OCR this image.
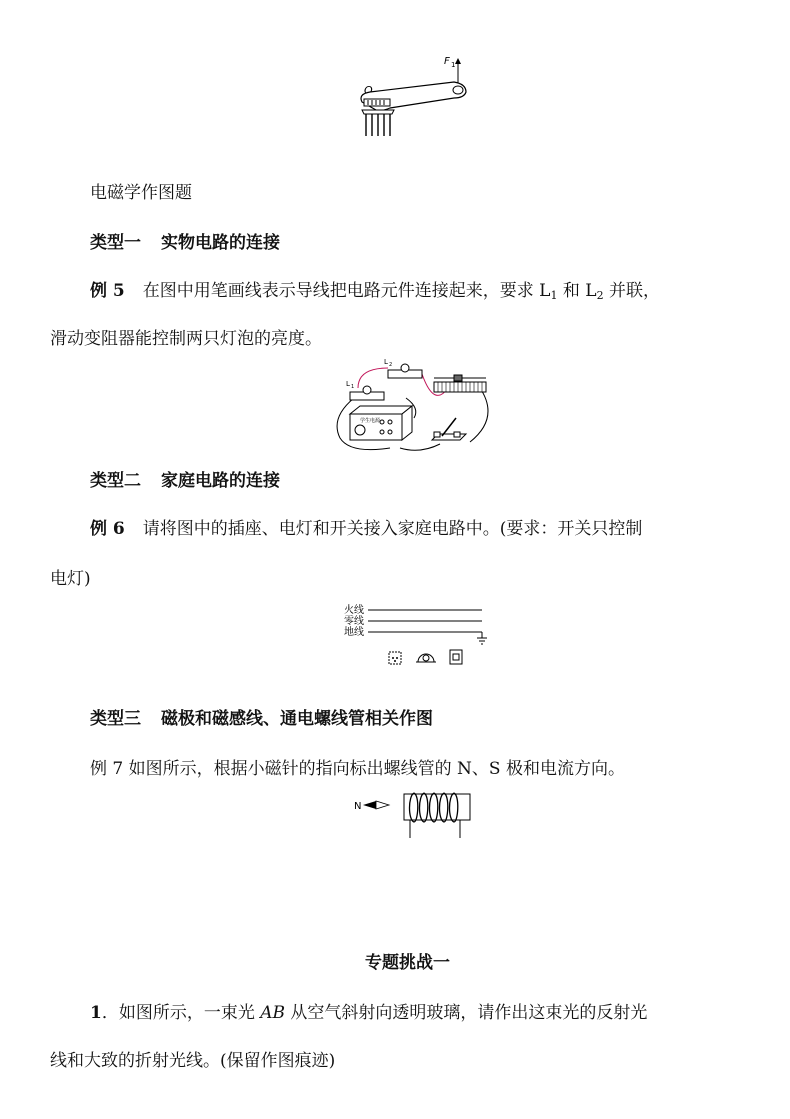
F 1
O
电磁学作图题
类型一 实物电路的连接
例 5 在图中用笔画线表示导线把电路元件连接起来，要求 $L_1$ 和 $L_2$ 并联，
滑动变阻器能控制两只灯泡的亮度。
L 2
L 1
学生电源
类型二 家庭电路的连接
例 6 请将图中的插座、电灯和开关接入家庭电路中。(要求：开关只控制
电灯)
火线
零线
地线
类型三 磁极和磁感线、通电螺线管相关作图
例 7 如图所示，根据小磁针的指向标出螺线管的 N、S 极和电流方向。
N
专题挑战一
1．如图所示，一束光 AB 从空气斜射向透明玻璃，请作出这束光的反射光
线和大致的折射光线。(保留作图痕迹)
